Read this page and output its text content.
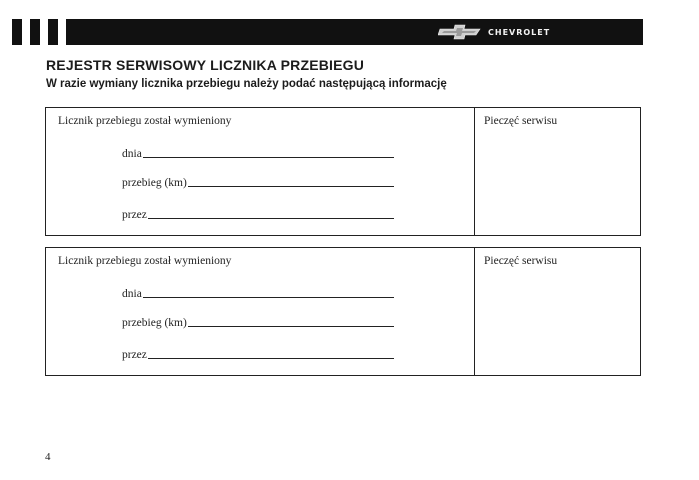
CHEVROLET
REJESTR SERWISOWY LICZNIKA PRZEBIEGU

W razie wymiany licznika przebiegu należy podać następującą informację

Licznik przebiegu został wymieniony	Pieczęć serwisu
dnia
przebieg (km)
przez
Licznik przebiegu został wymieniony	Pieczęć serwisu
dnia
przebieg (km)
przez
4
